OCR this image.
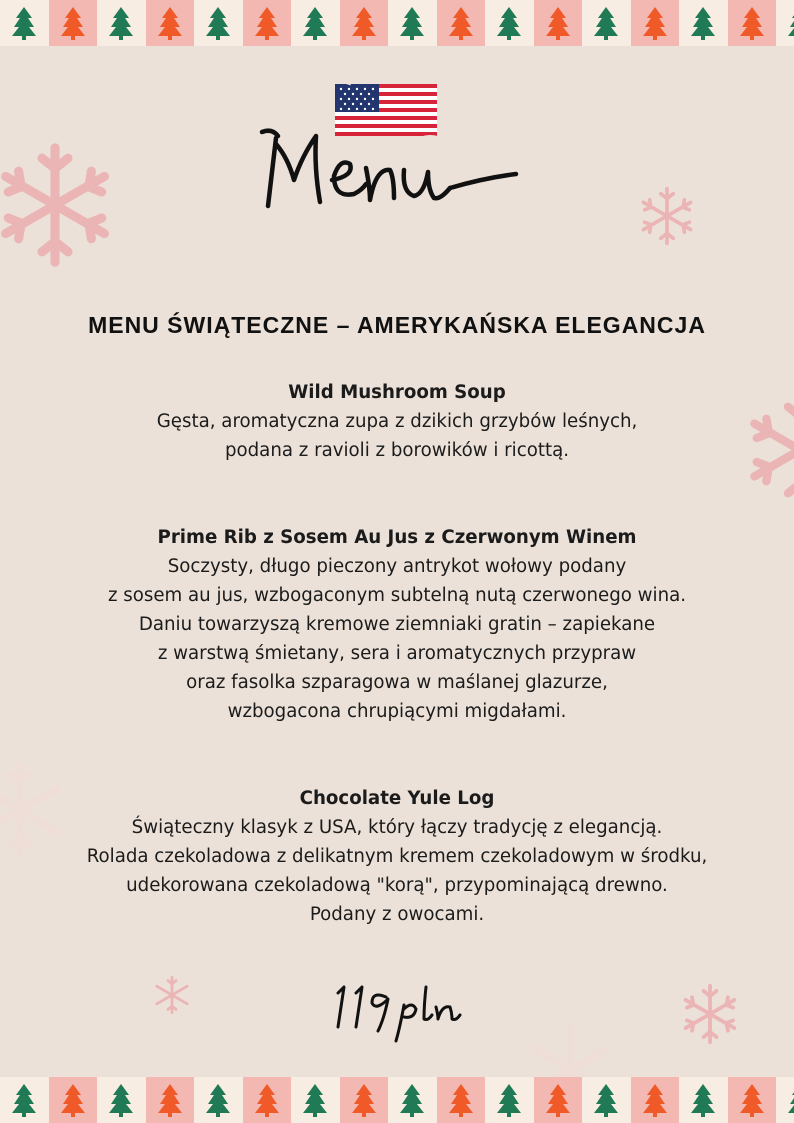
MENU ŚWIĄTECZNE – AMERYKAŃSKA ELEGANCJA
Wild Mushroom Soup
Gęsta, aromatyczna zupa z dzikich grzybów leśnych,
podana z ravioli z borowików i ricottą.
Prime Rib z Sosem Au Jus z Czerwonym Winem
Soczysty, długo pieczony antrykot wołowy podany
z sosem au jus, wzbogaconym subtelną nutą czerwonego wina.
Daniu towarzyszą kremowe ziemniaki gratin – zapiekane
z warstwą śmietany, sera i aromatycznych przypraw
oraz fasolka szparagowa w maślanej glazurze,
wzbogacona chrupiącymi migdałami.
Chocolate Yule Log
Świąteczny klasyk z USA, który łączy tradycję z elegancją.
Rolada czekoladowa z delikatnym kremem czekoladowym w środku,
udekorowana czekoladową "korą", przypominającą drewno.
Podany z owocami.
